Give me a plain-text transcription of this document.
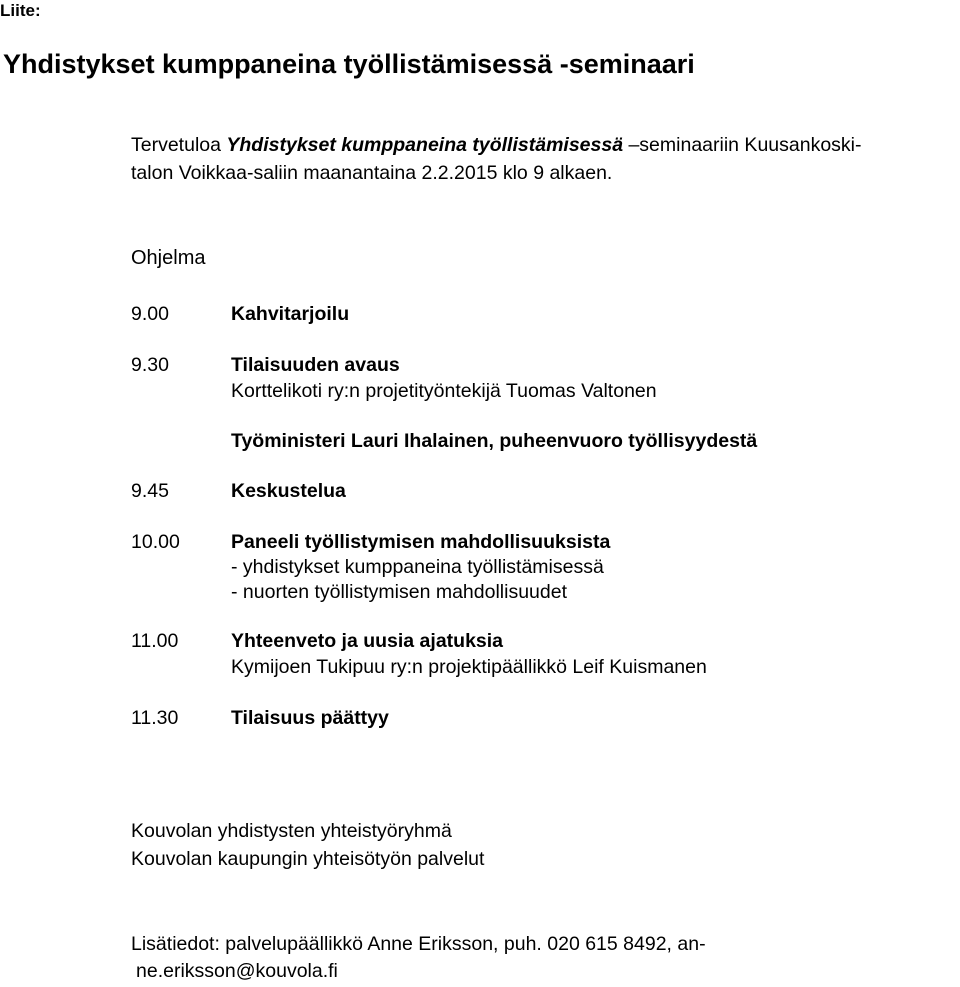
Liite:
Yhdistykset kumppaneina työllistämisessä -seminaari
Tervetuloa Yhdistykset kumppaneina työllistämisessä –seminaariin Kuusankoski-
talon Voikkaa-saliin maanantaina 2.2.2015 klo 9 alkaen.
Ohjelma
9.00	Kahvitarjoilu
9.30	Tilaisuuden avaus
Korttelikoti ry:n projetityöntekijä Tuomas Valtonen
Työministeri Lauri Ihalainen, puheenvuoro työllisyydestä
9.45	Keskustelua
10.00	Paneeli työllistymisen mahdollisuuksista
- yhdistykset kumppaneina työllistämisessä
- nuorten työllistymisen mahdollisuudet
11.00	Yhteenveto ja uusia ajatuksia
Kymijoen Tukipuu ry:n projektipäällikkö Leif Kuismanen
11.30	Tilaisuus päättyy
Kouvolan yhdistysten yhteistyöryhmä
Kouvolan kaupungin yhteisötyön palvelut
Lisätiedot: palvelupäällikkö Anne Eriksson, puh. 020 615 8492, an-
ne.eriksson@kouvola.fi
